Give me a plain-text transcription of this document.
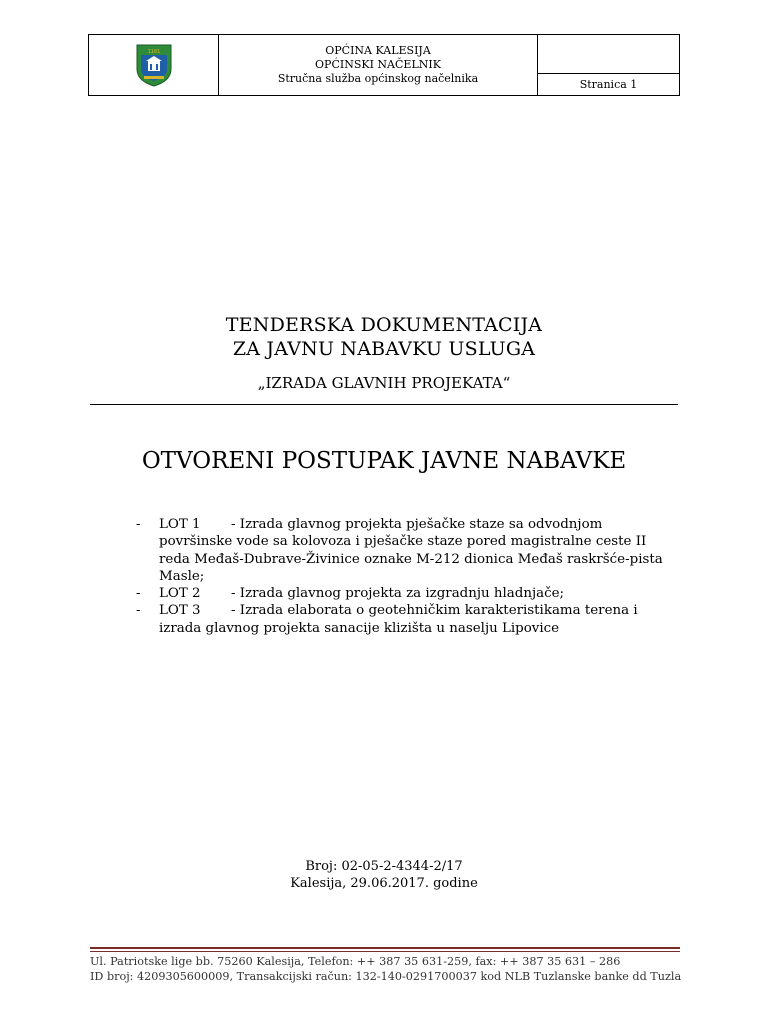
1161	OPĆINA KALESIJA
OPĆINSKI NAČELNIK
Stručna služba općinskog načelnika	Stranica 1
TENDERSKA DOKUMENTACIJA
ZA JAVNU NABAVKU USLUGA
„IZRADA GLAVNIH PROJEKATA“
OTVORENI POSTUPAK JAVNE NABAVKE
- LOT 1 - Izrada glavnog projekta pješačke staze sa odvodnjom površinske vode sa kolovoza i pješačke staze pored magistralne ceste II reda Međaš-Dubrave-Živinice oznake M-212 dionica Međaš raskršće-pista Masle;
- LOT 2 - Izrada glavnog projekta za izgradnju hladnjače;
- LOT 3 - Izrada elaborata o geotehničkim karakteristikama terena i izrada glavnog projekta sanacije klizišta u naselju Lipovice
Broj: 02-05-2-4344-2/17
Kalesija, 29.06.2017. godine
Ul. Patriotske lige bb. 75260 Kalesija, Telefon: ++ 387 35 631-259, fax: ++ 387 35 631 – 286
ID broj: 4209305600009, Transakcijski račun: 132-140-0291700037 kod NLB Tuzlanske banke dd Tuzla
